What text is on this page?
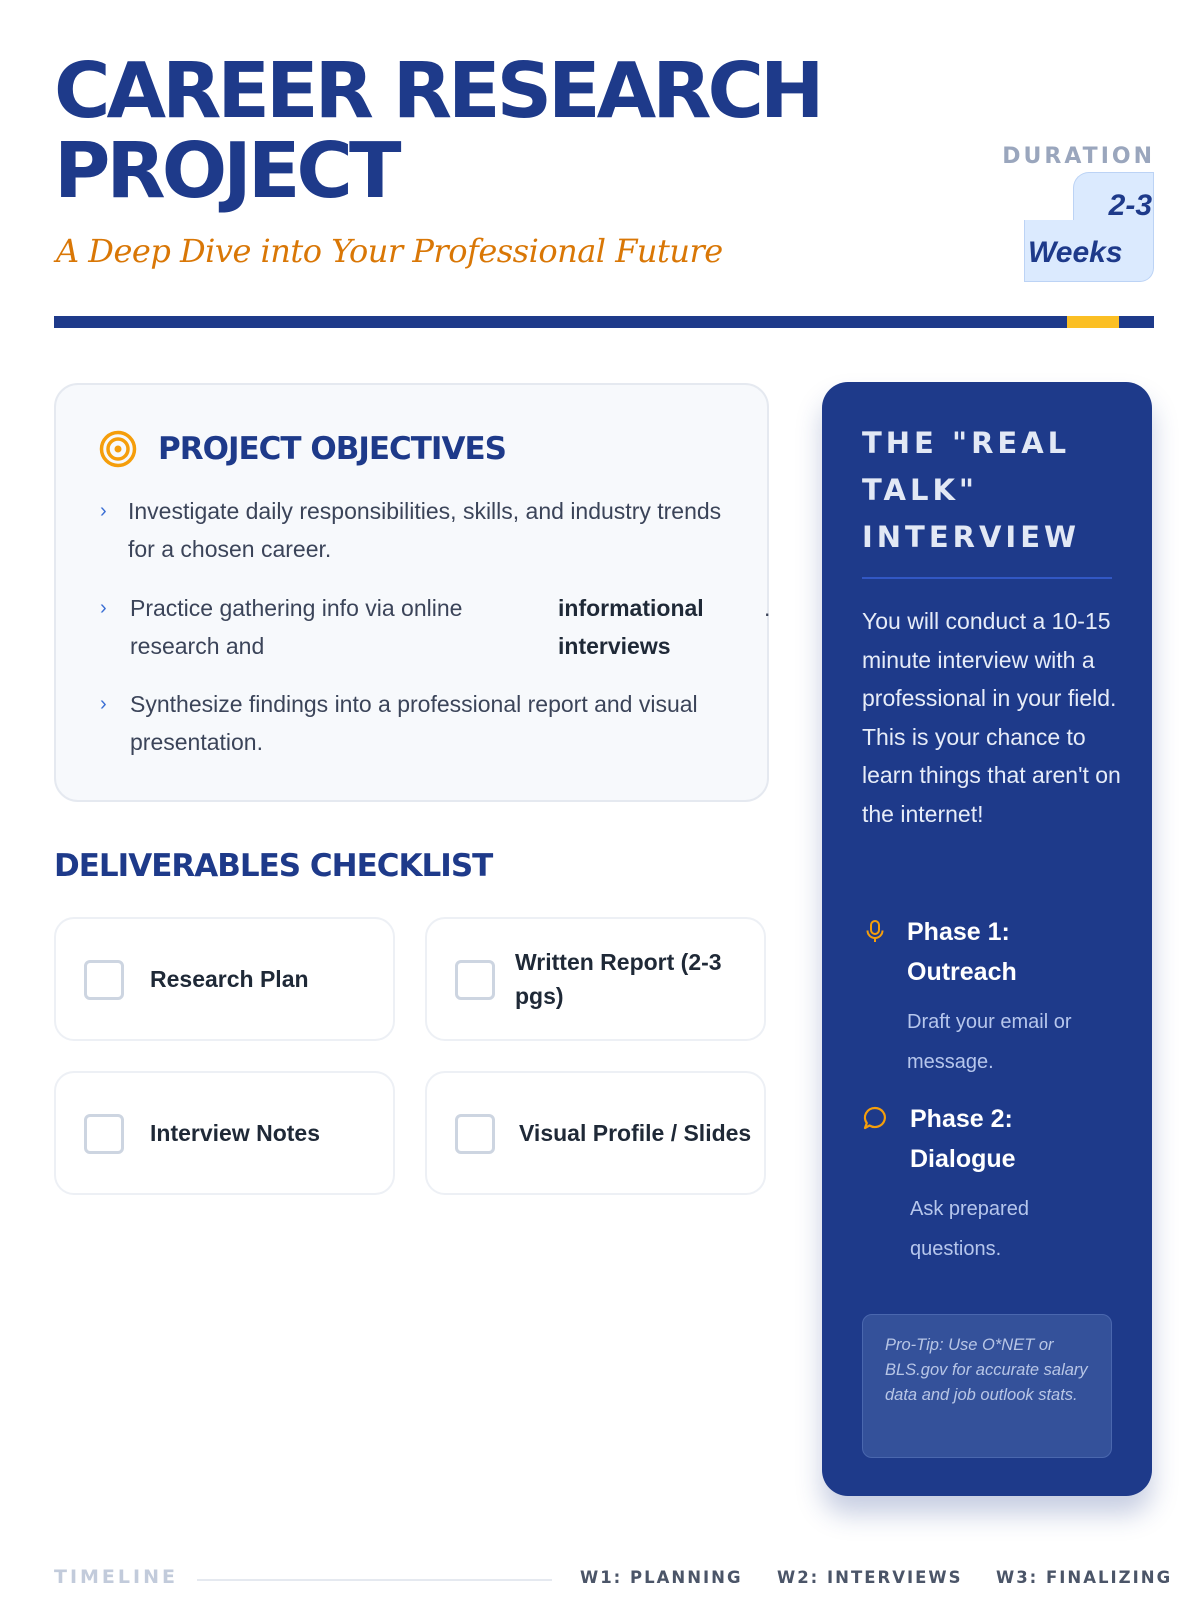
CAREER RESEARCH PROJECT
A Deep Dive into Your Professional Future
DURATION
2-3
Weeks
PROJECT OBJECTIVES
› Investigate daily responsibilities, skills, and industry trends for a chosen career.
› Practice gathering info via online research and
informational interviews
.
› Synthesize findings into a professional report and visual presentation.
DELIVERABLES CHECKLIST
Research Plan
Written Report (2-3 pgs)
Interview Notes	Visual Profile / Slides
THE "REAL TALK" INTERVIEW

You will conduct a 10-15 minute interview with a professional in your field. This is your chance to learn things that aren't on the internet!

Phase 1: Outreach
Draft your email or message.
Phase 2: Dialogue
Ask prepared questions.
Pro-Tip: Use O*NET or BLS.gov for accurate salary data and job outlook stats.
TIMELINE	W1: PLANNING W2: INTERVIEWS W3: FINALIZING
